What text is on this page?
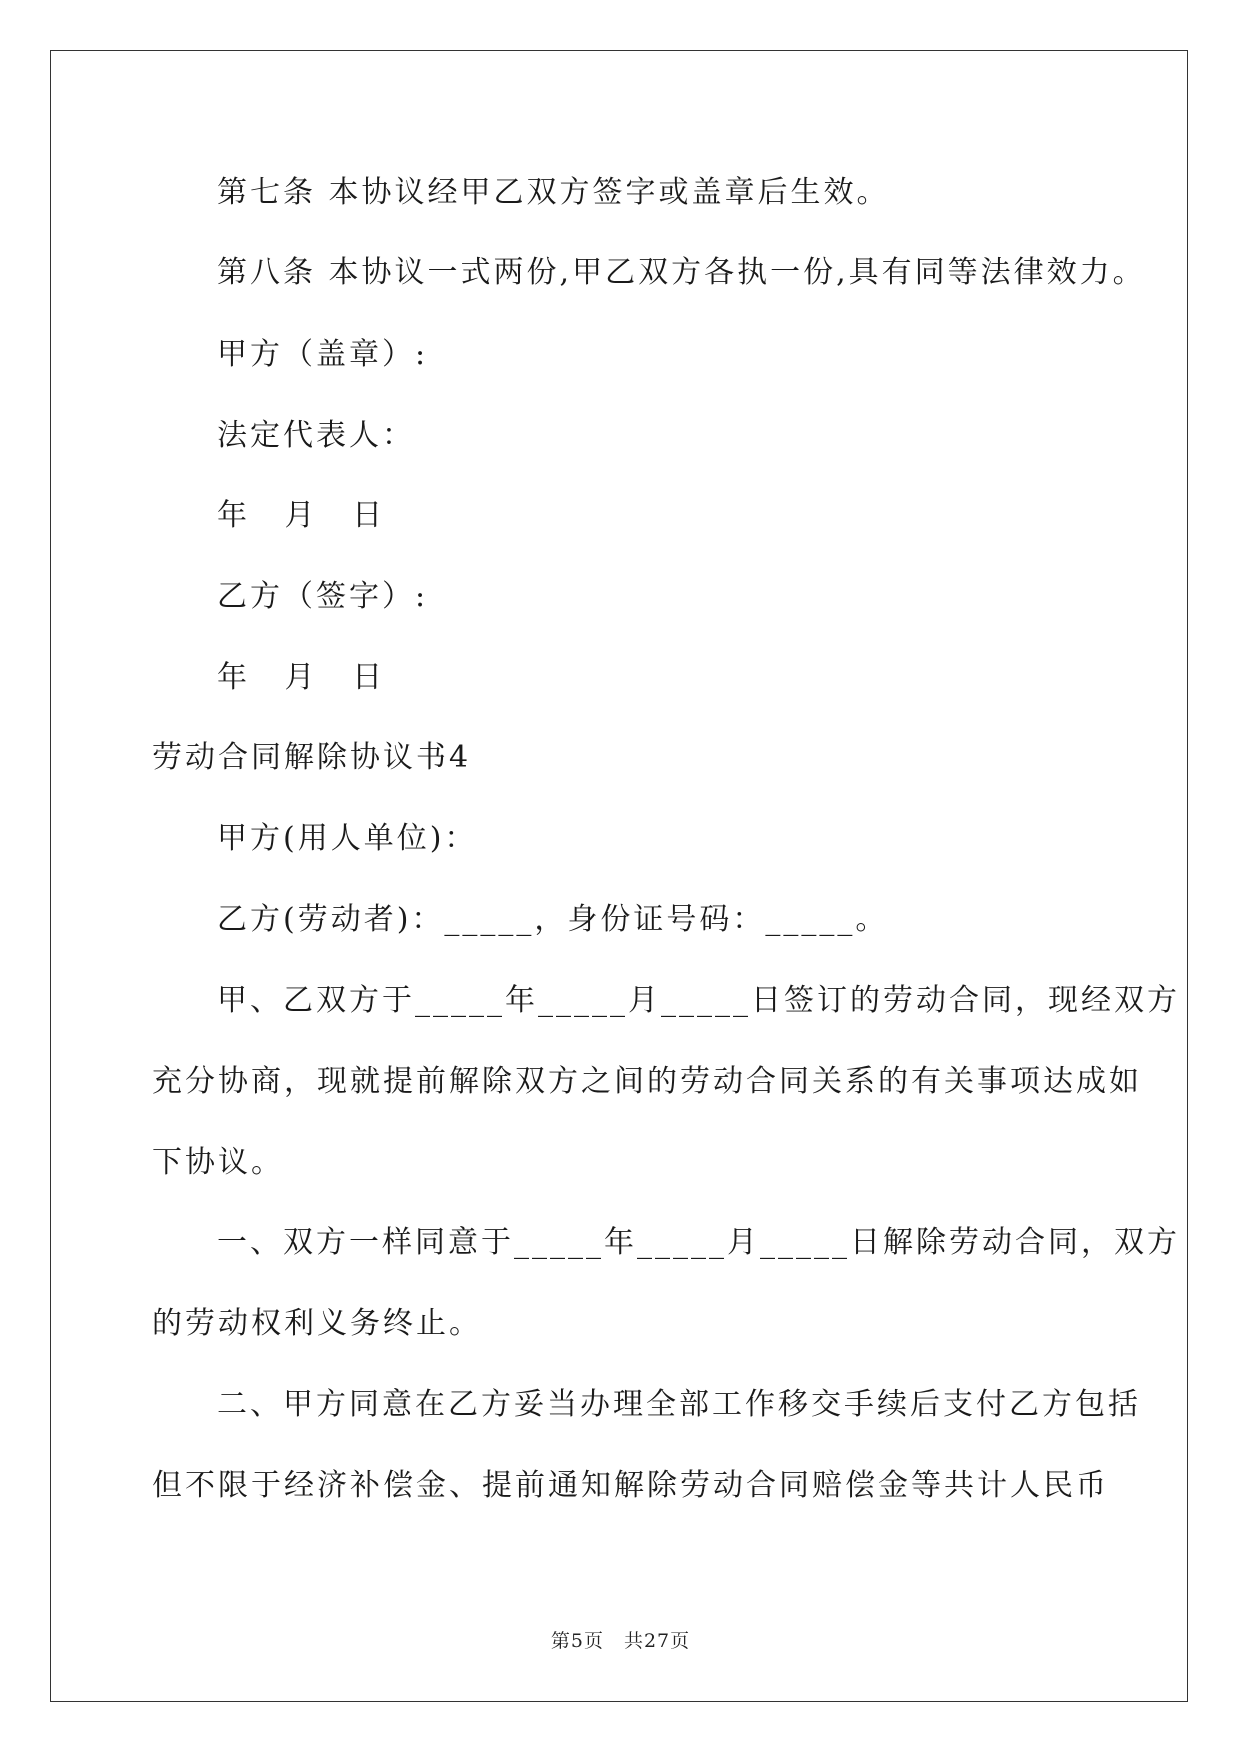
第七条 本协议经甲乙双方签字或盖章后生效。
第八条 本协议一式两份,甲乙双方各执一份,具有同等法律效力。
甲方（盖章）:
法定代表人：
年 月 日
乙方（签字）:
年 月 日
劳动合同解除协议书4
甲方(用人单位)：
乙方(劳动者)：_____，身份证号码：_____。
甲、乙双方于_____年_____月_____日签订的劳动合同，现经双方
充分协商，现就提前解除双方之间的劳动合同关系的有关事项达成如
下协议。
一、双方一样同意于_____年_____月_____日解除劳动合同，双方
的劳动权利义务终止。
二、甲方同意在乙方妥当办理全部工作移交手续后支付乙方包括
但不限于经济补偿金、提前通知解除劳动合同赔偿金等共计人民币
第5页　共27页
